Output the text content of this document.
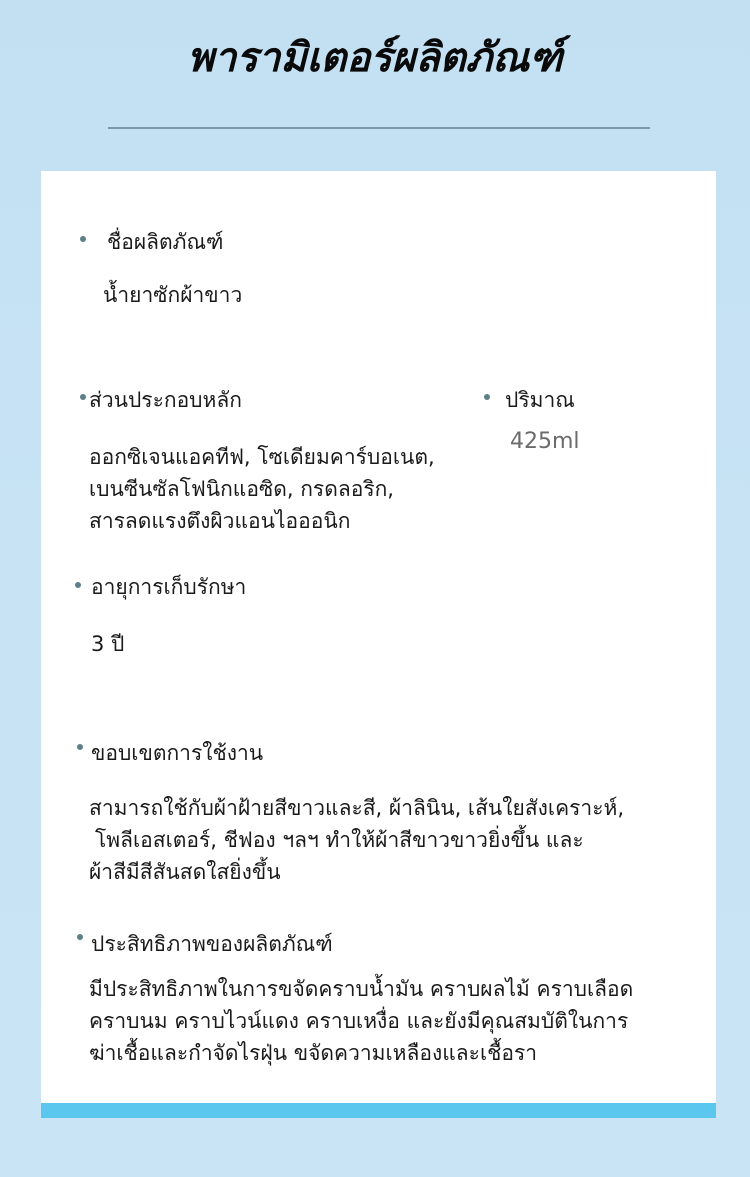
พารามิเตอร์ผลิตภัณฑ์
ชื่อผลิตภัณฑ์
น้ำยาซักผ้าขาว
ส่วนประกอบหลัก
ออกซิเจนแอคทีฟ, โซเดียมคาร์บอเนต,
เบนซีนซัลโฟนิกแอซิด, กรดลอริก,
สารลดแรงตึงผิวแอนไอออนิก
ปริมาณ
425ml
อายุการเก็บรักษา
3 ปี
ขอบเขตการใช้งาน
สามารถใช้กับผ้าฝ้ายสีขาวและสี, ผ้าลินิน, เส้นใยสังเคราะห์,
โพลีเอสเตอร์, ชีฟอง ฯลฯ ทำให้ผ้าสีขาวขาวยิ่งขึ้น และ
ผ้าสีมีสีสันสดใสยิ่งขึ้น
ประสิทธิภาพของผลิตภัณฑ์
มีประสิทธิภาพในการขจัดคราบน้ำมัน คราบผลไม้ คราบเลือด
คราบนม คราบไวน์แดง คราบเหงื่อ และยังมีคุณสมบัติในการ
ฆ่าเชื้อและกำจัดไรฝุ่น ขจัดความเหลืองและเชื้อรา
